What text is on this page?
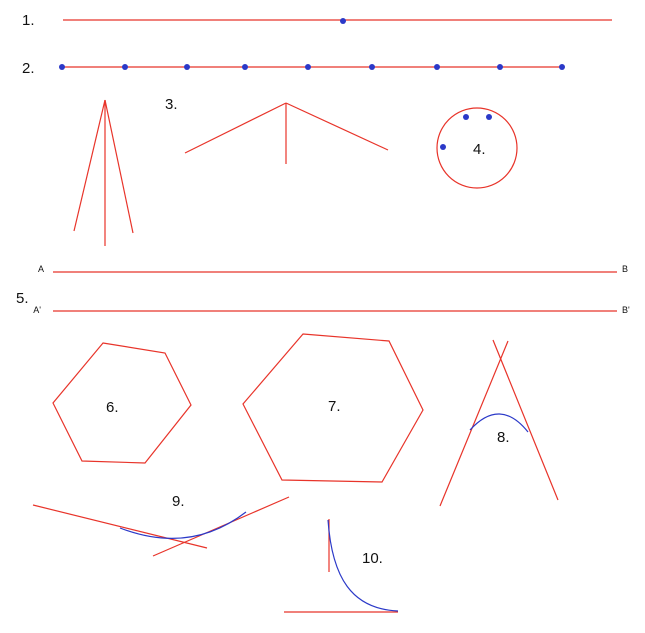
1.
2.
3.
4.
A	B
A'	B'
5.
6.	7.
8.
9.
10.
